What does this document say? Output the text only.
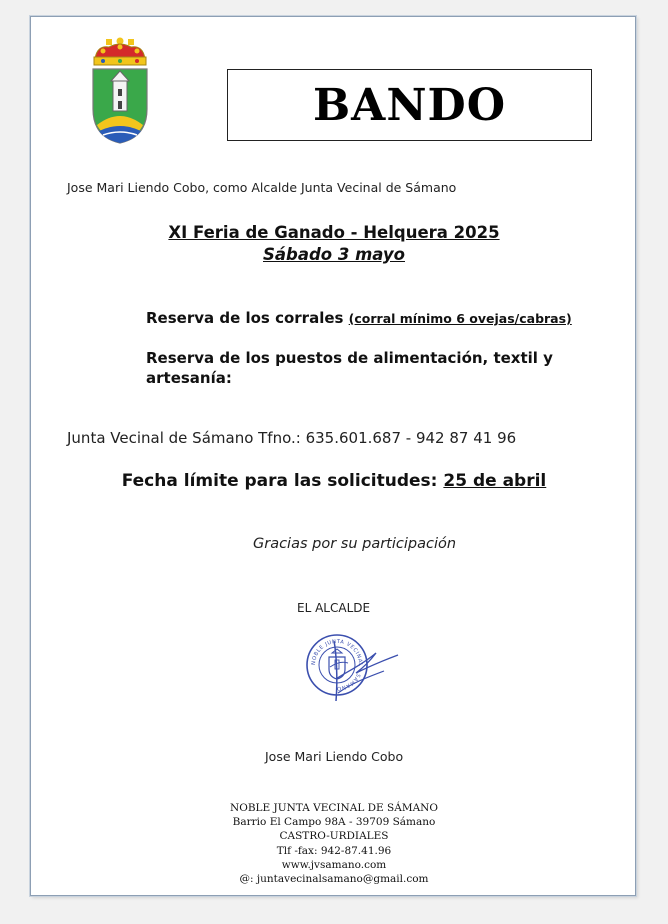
BANDO
Jose Mari Liendo Cobo, como Alcalde Junta Vecinal de Sámano
XI Feria de Ganado - Helquera 2025
Sábado 3 mayo
Reserva de los corrales (corral mínimo 6 ovejas/cabras)
Reserva de los puestos de alimentación, textil y artesanía:
Junta Vecinal de Sámano Tfno.: 635.601.687 - 942 87 41 96
Fecha límite para las solicitudes: 25 de abril
Gracias por su participación
EL ALCALDE
NOBLE JUNTA VECINAL · SÁMANO
Jose Mari Liendo Cobo
NOBLE JUNTA VECINAL DE SÁMANO
Barrio El Campo 98A - 39709 Sámano
CASTRO-URDIALES
Tlf -fax: 942-87.41.96
www.jvsamano.com
@: juntavecinalsamano@gmail.com
